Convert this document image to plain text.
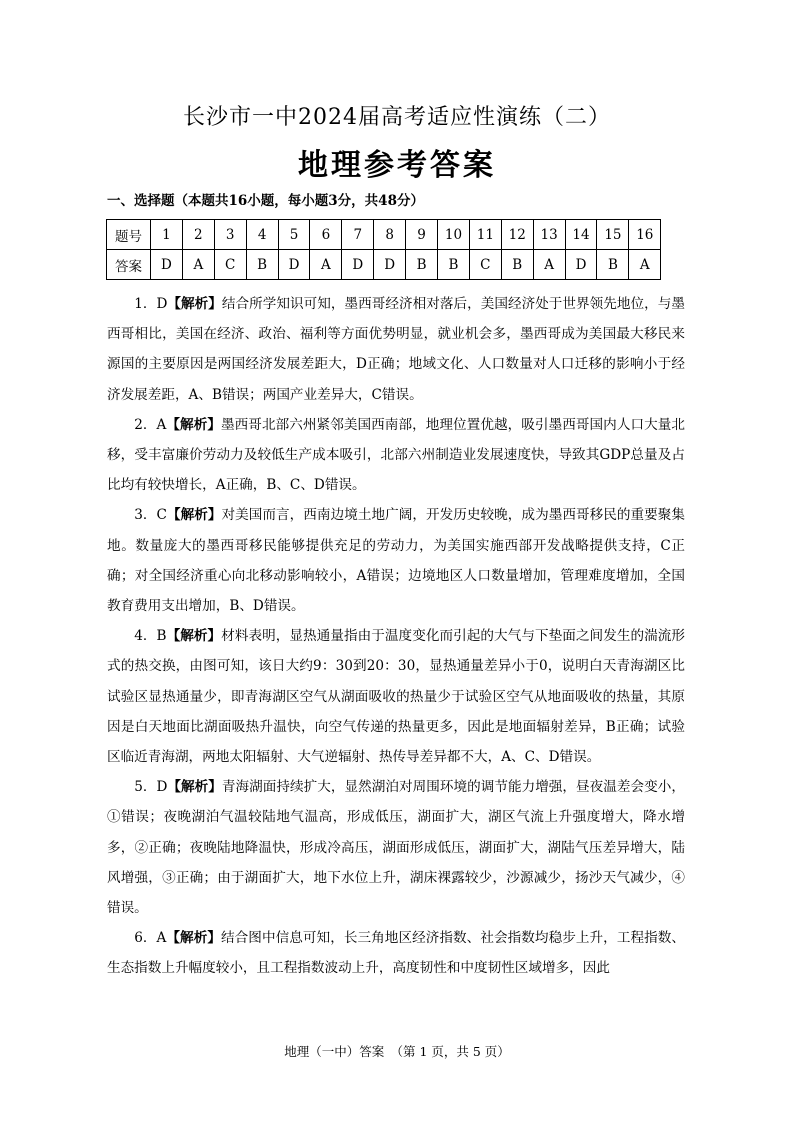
长沙市一中2024届高考适应性演练（二）
地理参考答案
一、选择题（本题共16小题，每小题3分，共48分）
题号	1	2	3	4	5	6	7	8	9	10	11	12	13	14	15	16
答案	D	A	C	B	D	A	D	D	B	B	C	B	A	D	B	A

1．D【解析】结合所学知识可知，墨西哥经济相对落后，美国经济处于世界领先地位，与墨西哥相比，美国在经济、政治、福利等方面优势明显，就业机会多，墨西哥成为美国最大移民来源国的主要原因是两国经济发展差距大，D正确；地域文化、人口数量对人口迁移的影响小于经济发展差距，A、B错误；两国产业差异大，C错误。

2．A【解析】墨西哥北部六州紧邻美国西南部，地理位置优越，吸引墨西哥国内人口大量北移，受丰富廉价劳动力及较低生产成本吸引，北部六州制造业发展速度快，导致其GDP总量及占比均有较快增长，A正确，B、C、D错误。

3．C【解析】对美国而言，西南边境土地广阔，开发历史较晚，成为墨西哥移民的重要聚集地。数量庞大的墨西哥移民能够提供充足的劳动力，为美国实施西部开发战略提供支持，C正确；对全国经济重心向北移动影响较小，A错误；边境地区人口数量增加，管理难度增加，全国教育费用支出增加，B、D错误。

4．B【解析】材料表明，显热通量指由于温度变化而引起的大气与下垫面之间发生的湍流形式的热交换，由图可知，该日大约9：30到20：30，显热通量差异小于0，说明白天青海湖区比试验区显热通量少，即青海湖区空气从湖面吸收的热量少于试验区空气从地面吸收的热量，其原因是白天地面比湖面吸热升温快，向空气传递的热量更多，因此是地面辐射差异，B正确；试验区临近青海湖，两地太阳辐射、大气逆辐射、热传导差异都不大，A、C、D错误。

5．D【解析】青海湖面持续扩大，显然湖泊对周围环境的调节能力增强，昼夜温差会变小，①错误；夜晚湖泊气温较陆地气温高，形成低压，湖面扩大，湖区气流上升强度增大，降水增多，②正确；夜晚陆地降温快，形成冷高压，湖面形成低压，湖面扩大，湖陆气压差异增大，陆风增强，③正确；由于湖面扩大，地下水位上升，湖床裸露较少，沙源减少，扬沙天气减少，④错误。

6．A【解析】结合图中信息可知，长三角地区经济指数、社会指数均稳步上升，工程指数、生态指数上升幅度较小，且工程指数波动上升，高度韧性和中度韧性区域增多，因此

地理（一中）答案　（第 1 页，共 5 页）
